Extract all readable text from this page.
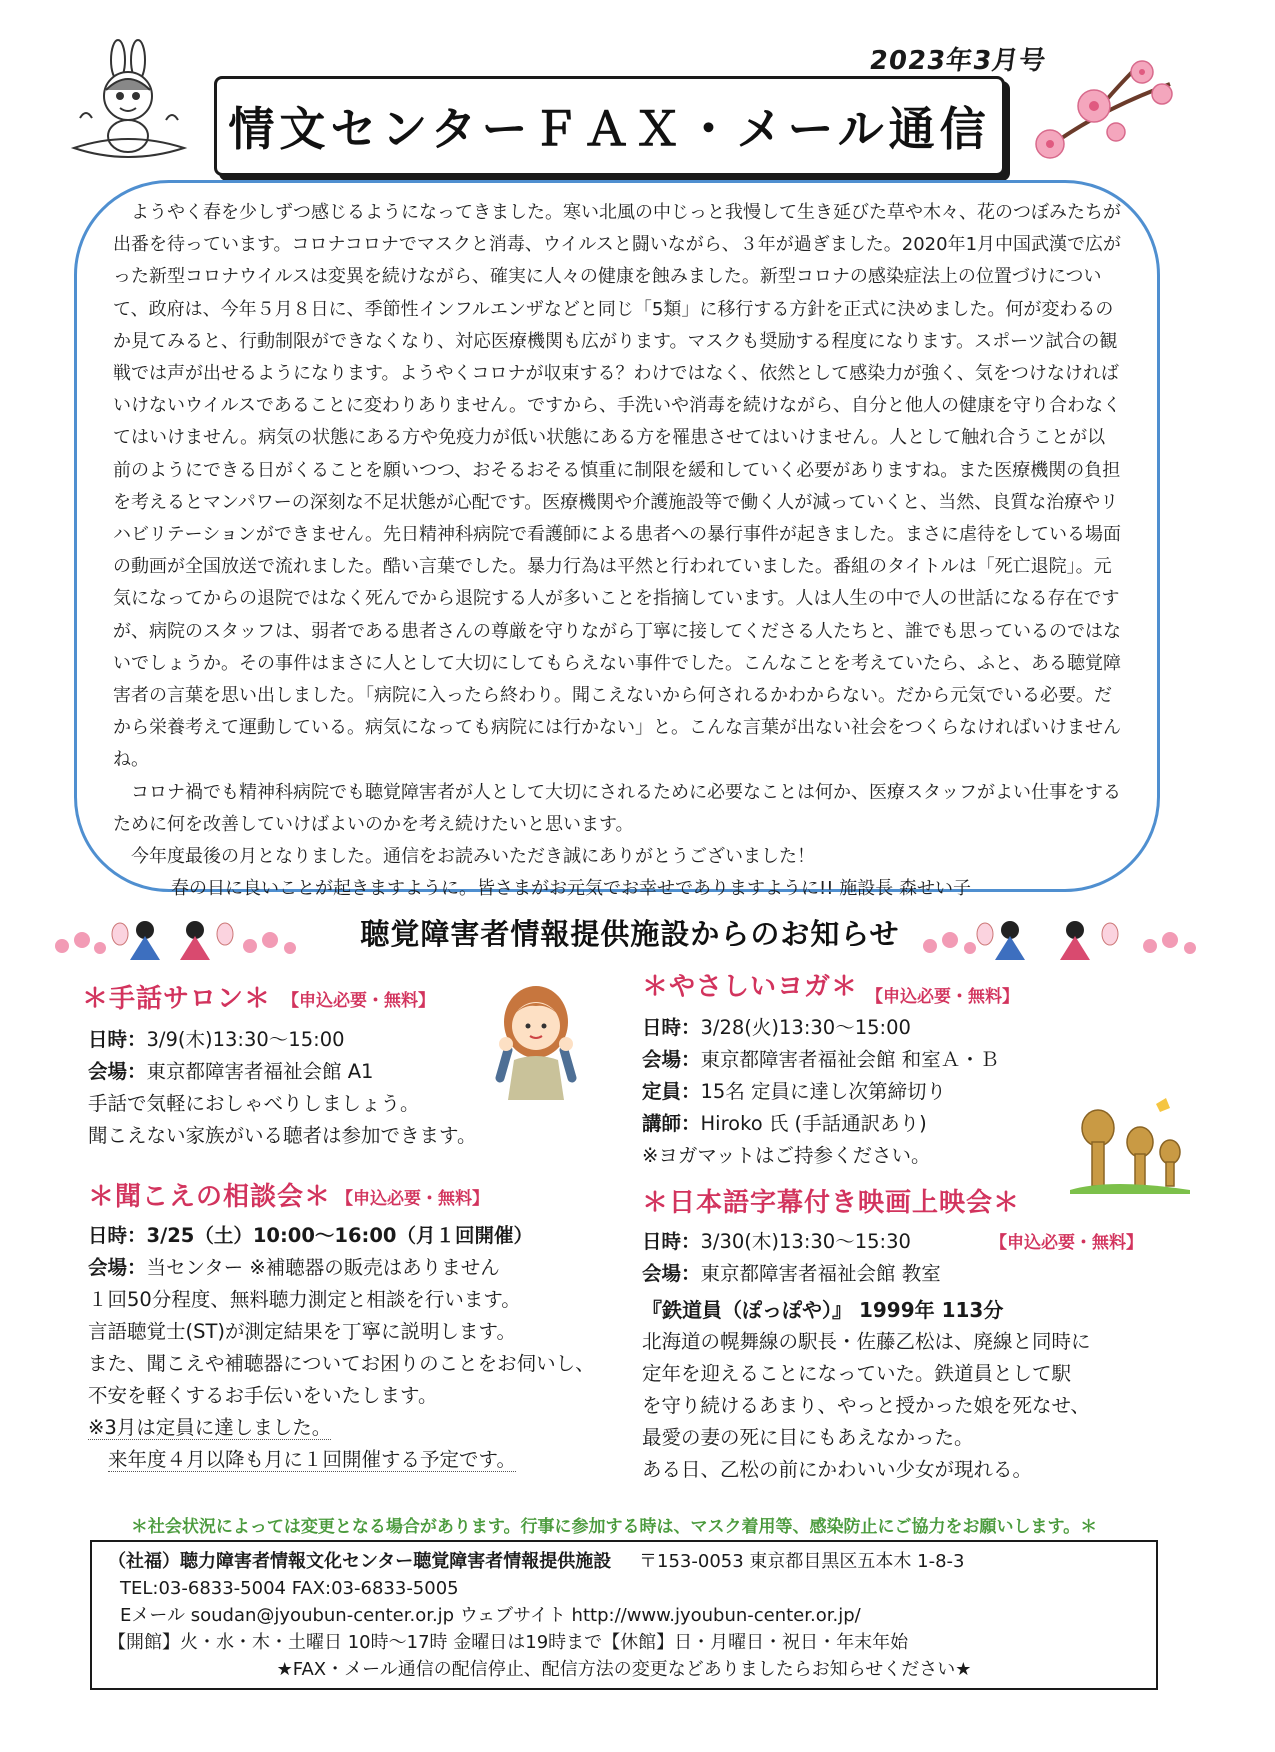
2023年3月号
情文センターＦＡＸ・メール通信

ようやく春を少しずつ感じるようになってきました。寒い北風の中じっと我慢して生き延びた草や木々、花のつぼみたちが出番を待っています。コロナコロナでマスクと消毒、ウイルスと闘いながら、３年が過ぎました。2020年1月中国武漢で広がった新型コロナウイルスは変異を続けながら、確実に人々の健康を蝕みました。新型コロナの感染症法上の位置づけについて、政府は、今年５月８日に、季節性インフルエンザなどと同じ「5類」に移行する方針を正式に決めました。何が変わるのか見てみると、行動制限ができなくなり、対応医療機関も広がります。マスクも奨励する程度になります。スポーツ試合の観戦では声が出せるようになります。ようやくコロナが収束する？わけではなく、依然として感染力が強く、気をつけなければいけないウイルスであることに変わりありません。ですから、手洗いや消毒を続けながら、自分と他人の健康を守り合わなくてはいけません。病気の状態にある方や免疫力が低い状態にある方を罹患させてはいけません。人として触れ合うことが以前のようにできる日がくることを願いつつ、おそるおそる慎重に制限を緩和していく必要がありますね。また医療機関の負担を考えるとマンパワーの深刻な不足状態が心配です。医療機関や介護施設等で働く人が減っていくと、当然、良質な治療やリハビリテーションができません。先日精神科病院で看護師による患者への暴行事件が起きました。まさに虐待をしている場面の動画が全国放送で流れました。酷い言葉でした。暴力行為は平然と行われていました。番組のタイトルは「死亡退院」。元気になってからの退院ではなく死んでから退院する人が多いことを指摘しています。人は人生の中で人の世話になる存在ですが、病院のスタッフは、弱者である患者さんの尊厳を守りながら丁寧に接してくださる人たちと、誰でも思っているのではないでしょうか。その事件はまさに人として大切にしてもらえない事件でした。こんなことを考えていたら、ふと、ある聴覚障害者の言葉を思い出しました。「病院に入ったら終わり。聞こえないから何されるかわからない。だから元気でいる必要。だから栄養考えて運動している。病気になっても病院には行かない」と。こんな言葉が出ない社会をつくらなければいけませんね。

コロナ禍でも精神科病院でも聴覚障害者が人として大切にされるために必要なことは何か、医療スタッフがよい仕事をするために何を改善していけばよいのかを考え続けたいと思います。

今年度最後の月となりました。通信をお読みいただき誠にありがとうございました！

春の日に良いことが起きますように。皆さまがお元気でお幸せでありますように!! 施設長 森せい子
聴覚障害者情報提供施設からのお知らせ
＊手話サロン＊ 【申込必要・無料】
日時：3/9(木)13:30～15:00
会場：東京都障害者福祉会館 A1
手話で気軽におしゃべりしましょう。
聞こえない家族がいる聴者は参加できます。
＊聞こえの相談会＊ 【申込必要・無料】
日時：3/25（土）10:00～16:00（月１回開催）
会場：当センター ※補聴器の販売はありません
１回50分程度、無料聴力測定と相談を行います。
言語聴覚士(ST)が測定結果を丁寧に説明します。
また、聞こえや補聴器についてお困りのことをお伺いし、
不安を軽くするお手伝いをいたします。
※3月は定員に達しました。
来年度４月以降も月に１回開催する予定です。
＊やさしいヨガ＊ 【申込必要・無料】
日時：3/28(火)13:30～15:00
会場：東京都障害者福祉会館 和室Ａ・Ｂ
定員：15名 定員に達し次第締切り
講師：Hiroko 氏 (手話通訳あり)
※ヨガマットはご持参ください。
＊日本語字幕付き映画上映会＊
【申込必要・無料】
日時：3/30(木)13:30～15:30
会場：東京都障害者福祉会館 教室
『鉄道員（ぽっぽや）』 1999年 113分
北海道の幌舞線の駅長・佐藤乙松は、廃線と同時に
定年を迎えることになっていた。鉄道員として駅
を守り続けるあまり、やっと授かった娘を死なせ、
最愛の妻の死に目にもあえなかった。
ある日、乙松の前にかわいい少女が現れる。
＊社会状況によっては変更となる場合があります。行事に参加する時は、マスク着用等、感染防止にご協力をお願いします。＊
（社福）聴力障害者情報文化センター聴覚障害者情報提供施設 〒153-0053 東京都目黒区五本木 1-8-3
TEL:03-6833-5004 FAX:03-6833-5005
Eメール soudan@jyoubun-center.or.jp ウェブサイト http://www.jyoubun-center.or.jp/
【開館】火・水・木・土曜日 10時～17時 金曜日は19時まで【休館】日・月曜日・祝日・年末年始
★FAX・メール通信の配信停止、配信方法の変更などありましたらお知らせください★
